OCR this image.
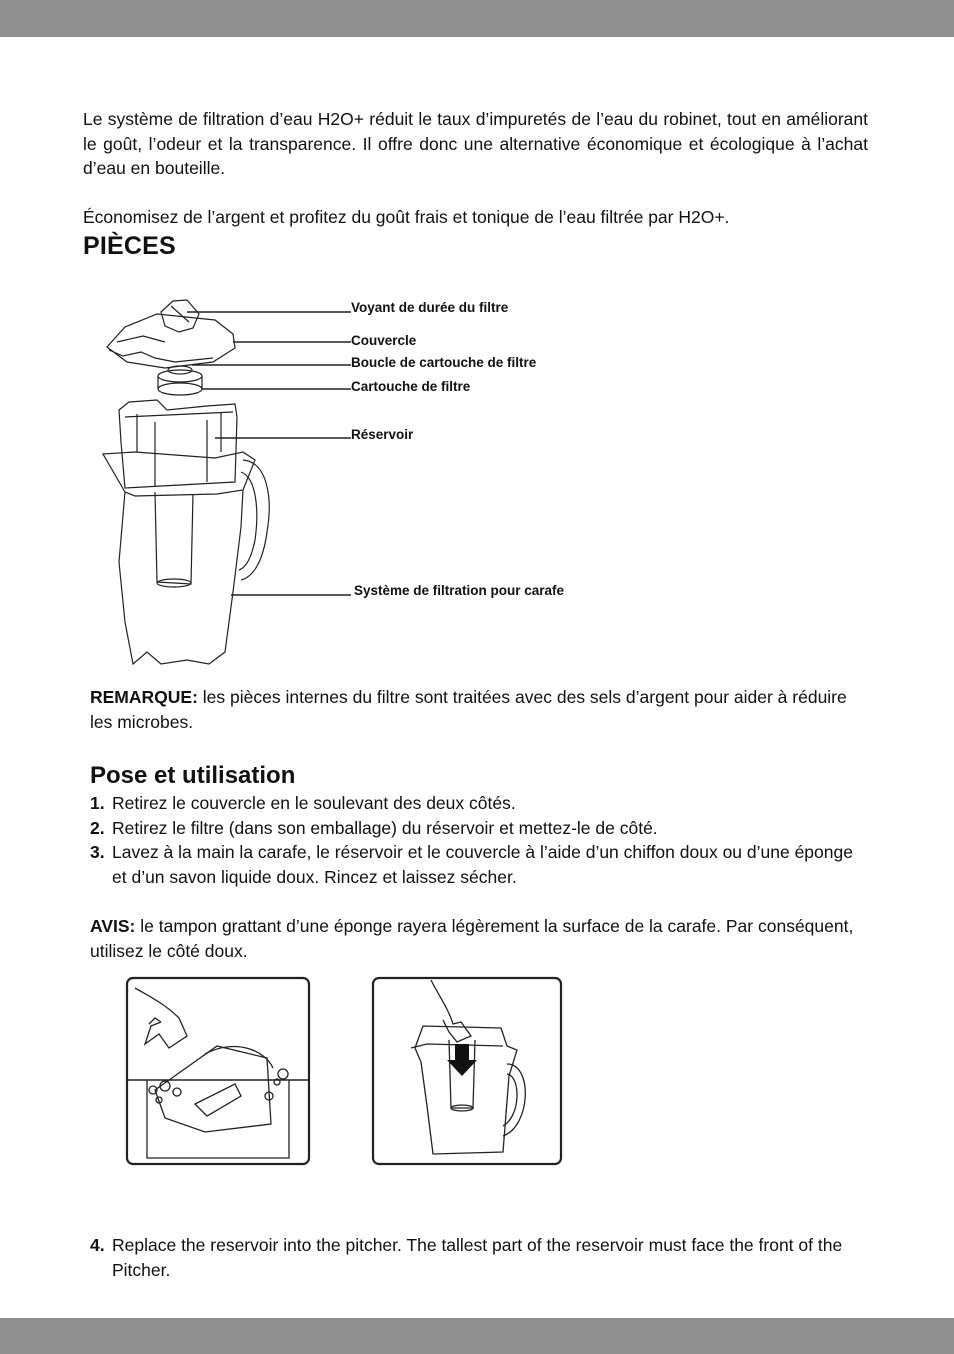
Le système de filtration d’eau H2O+ réduit le taux d’impuretés de l’eau du robinet, tout en améliorant le goût, l’odeur et la transparence. Il offre donc une alternative économique et écologique à l’achat d’eau en bouteille.

Économisez de l’argent et profitez du goût frais et tonique de l’eau filtrée par H2O+.

PIÈCES
Voyant de durée du filtre
Couvercle
Boucle de cartouche de filtre
Cartouche de filtre
Réservoir
Système de filtration pour carafe

REMARQUE: les pièces internes du filtre sont traitées avec des sels d’argent pour aider à réduire les microbes.

Pose et utilisation
1. Retirez le couvercle en le soulevant des deux côtés.
2. Retirez le filtre (dans son emballage) du réservoir et mettez-le de côté.
3. Lavez à la main la carafe, le réservoir et le couvercle à l’aide d’un chiffon doux ou d’une éponge et d’un savon liquide doux. Rincez et laissez sécher.

AVIS: le tampon grattant d’une éponge rayera légèrement la surface de la carafe. Par conséquent, utilisez le côté doux.

4. Replace the reservoir into the pitcher. The tallest part of the reservoir must face the front of the Pitcher.
